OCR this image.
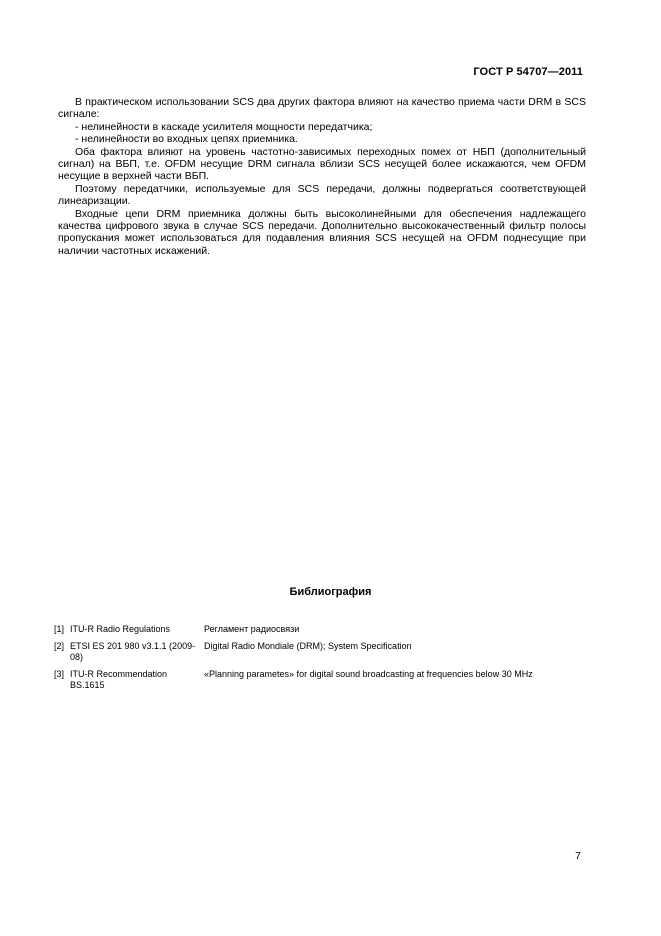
ГОСТ Р 54707—2011

В практическом использовании SCS два других фактора влияют на качество приема части DRM в SCS сигнале:

- нелинейности в каскаде усилителя мощности передатчика;

- нелинейности во входных цепях приемника.

Оба фактора влияют на уровень частотно-зависимых переходных помех от НБП (дополнительный сигнал) на ВБП, т.е. OFDM несущие DRM сигнала вблизи SCS несущей более искажаются, чем OFDM несущие в верхней части ВБП.

Поэтому передатчики, используемые для SCS передачи, должны подвергаться соответствующей линеаризации.

Входные цепи DRM приемника должны быть высоколинейными для обеспечения надлежащего качества цифрового звука в случае SCS передачи. Дополнительно высококачественный фильтр полосы пропускания может использоваться для подавления влияния SCS несущей на OFDM поднесущие при наличии частотных искажений.

Библиография
[1] ITU-R Radio Regulations	Регламент радиосвязи
[2] ETSI ES 201 980 v3.1.1 (2009-08)
Digital Radio Mondiale (DRM); System Specification
[3] ITU-R Recommendation BS.1615
«Planning parametes» for digital sound broadcasting at frequencies below 30 MHz
7
